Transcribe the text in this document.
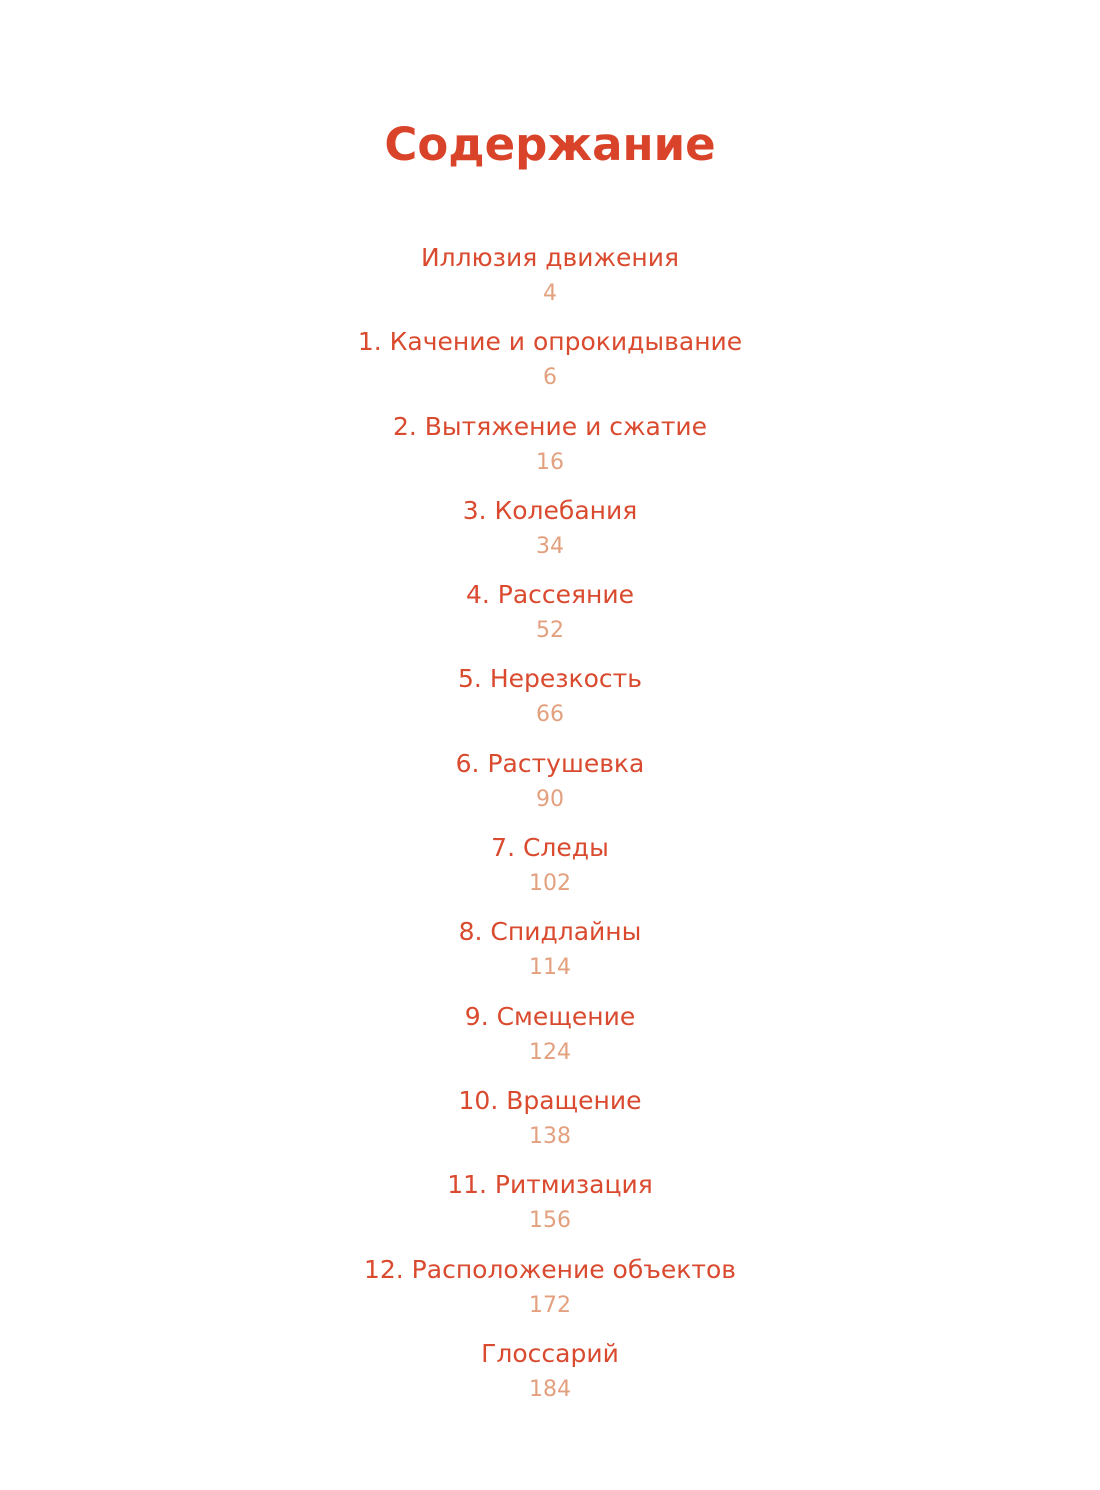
Содержание
Иллюзия движения
4
1. Качение и опрокидывание
6
2. Вытяжение и сжатие
16
3. Колебания
34
4. Рассеяние
52
5. Нерезкость
66
6. Растушевка
90
7. Следы
102
8. Спидлайны
114
9. Смещение
124
10. Вращение
138
11. Ритмизация
156
12. Расположение объектов
172
Глоссарий
184
